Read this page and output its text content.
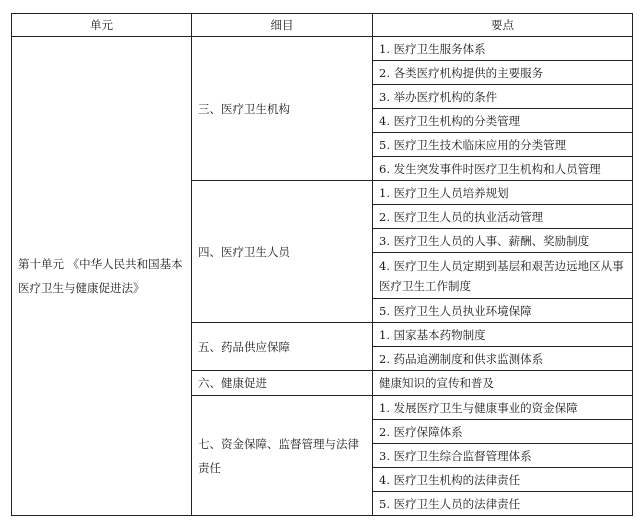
单元	细目	要点
第十单元 《中华人民共和国基本医疗卫生与健康促进法》	三、医疗卫生机构	1. 医疗卫生服务体系
		2. 各类医疗机构提供的主要服务
		3. 举办医疗机构的条件
		4. 医疗卫生机构的分类管理
		5. 医疗卫生技术临床应用的分类管理
		6. 发生突发事件时医疗卫生机构和人员管理
	四、医疗卫生人员	1. 医疗卫生人员培养规划
		2. 医疗卫生人员的执业活动管理
		3. 医疗卫生人员的人事、薪酬、奖励制度
		4. 医疗卫生人员定期到基层和艰苦边远地区从事医疗卫生工作制度
		5. 医疗卫生人员执业环境保障
	五、药品供应保障	1. 国家基本药物制度
		2. 药品追溯制度和供求监测体系
	六、健康促进	健康知识的宣传和普及
	七、资金保障、监督管理与法律责任	1. 发展医疗卫生与健康事业的资金保障
		2. 医疗保障体系
		3. 医疗卫生综合监督管理体系
		4. 医疗卫生机构的法律责任
		5. 医疗卫生人员的法律责任
